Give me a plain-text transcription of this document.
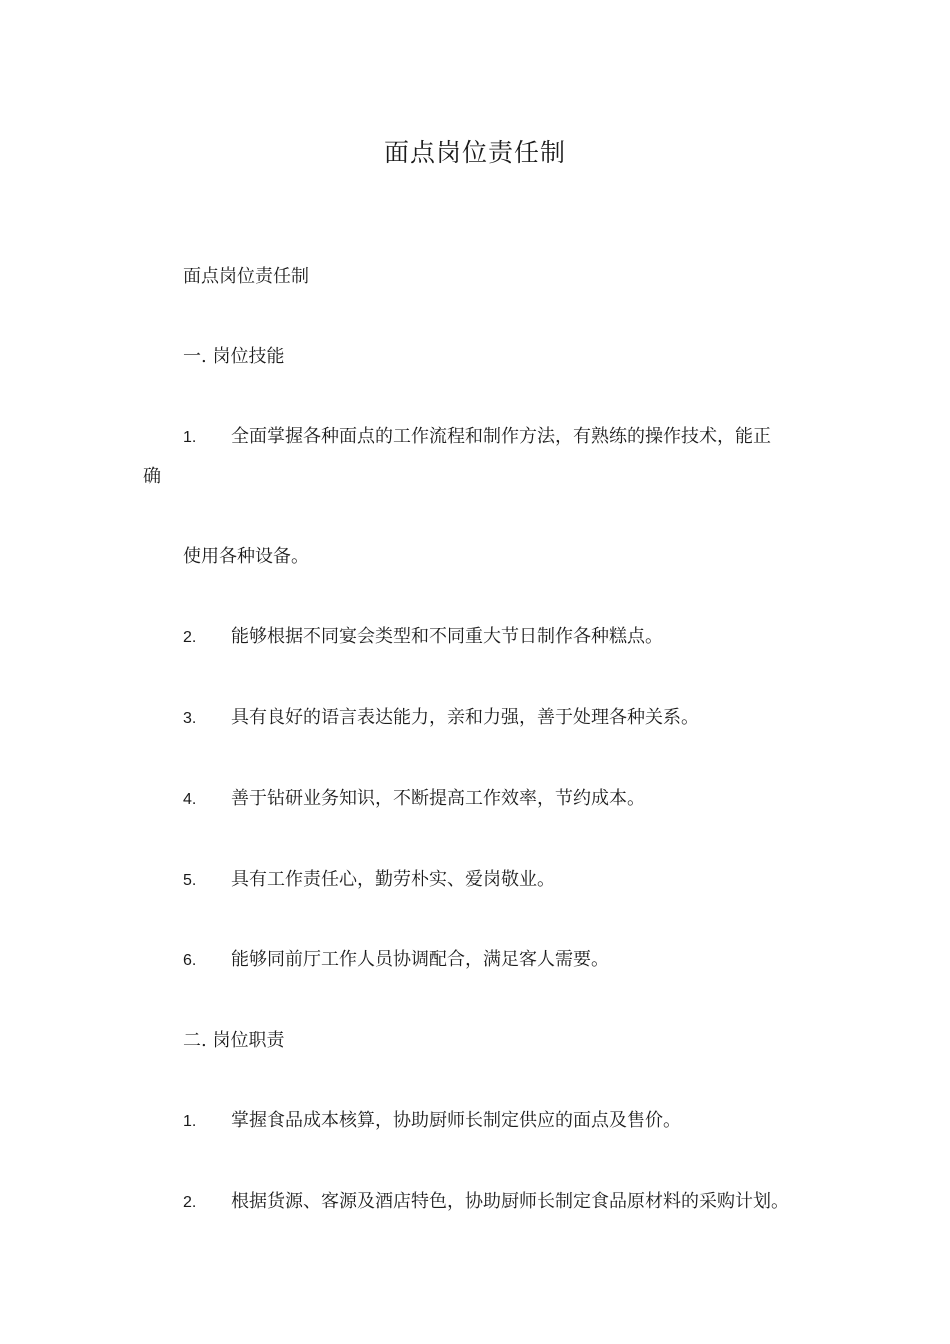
面点岗位责任制
面点岗位责任制
一. 岗位技能
1. 全面掌握各种面点的工作流程和制作方法，有熟练的操作技术，能正
确
使用各种设备。
2. 能够根据不同宴会类型和不同重大节日制作各种糕点。
3. 具有良好的语言表达能力，亲和力强，善于处理各种关系。
4. 善于钻研业务知识，不断提高工作效率，节约成本。
5. 具有工作责任心，勤劳朴实、爱岗敬业。
6. 能够同前厅工作人员协调配合，满足客人需要。
二. 岗位职责
1. 掌握食品成本核算，协助厨师长制定供应的面点及售价。
2. 根据货源、客源及酒店特色，协助厨师长制定食品原材料的采购计划。
